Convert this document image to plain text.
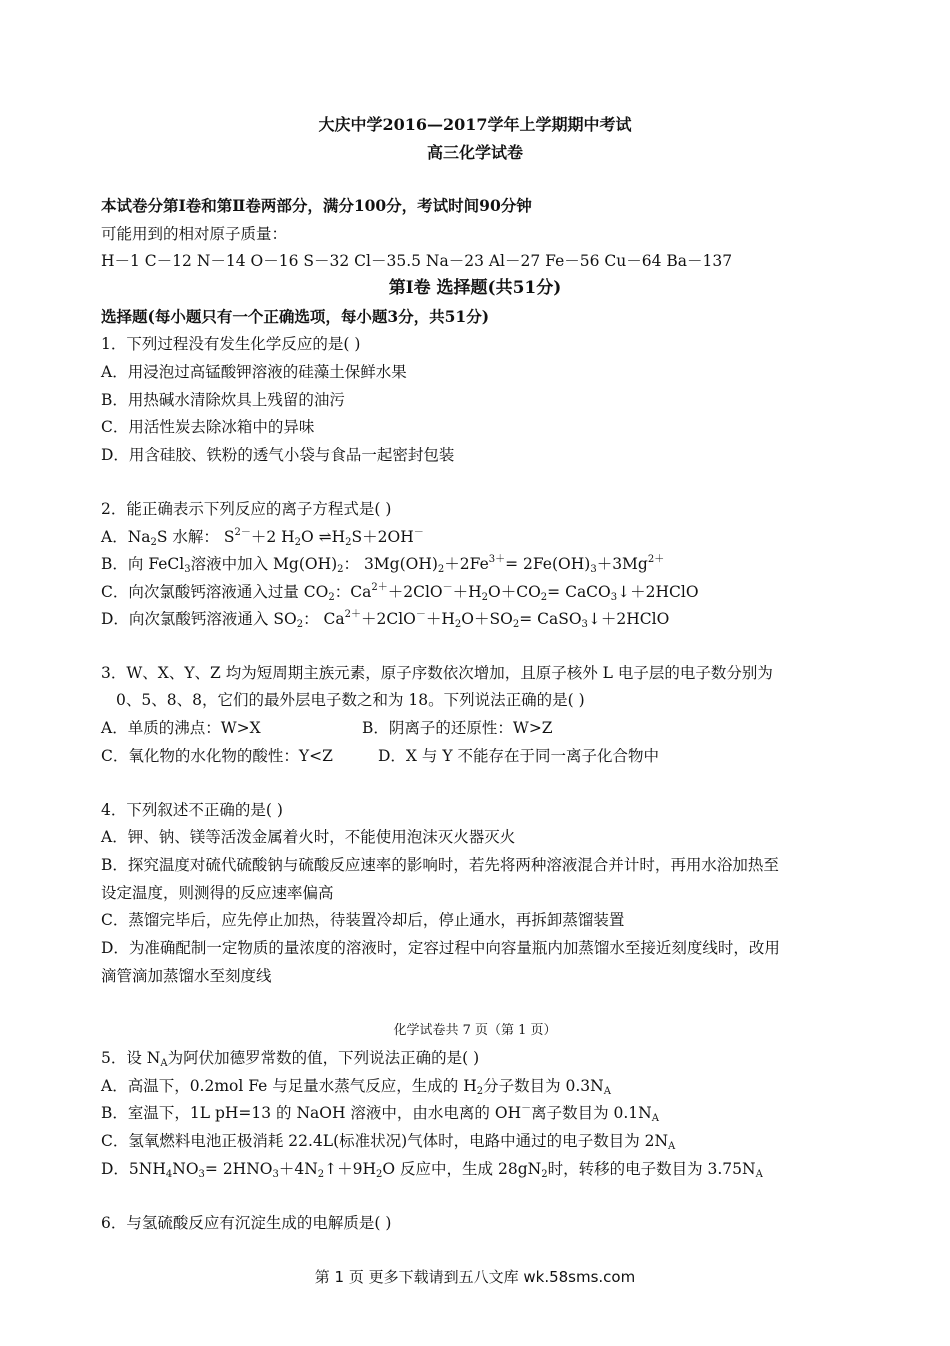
大庆中学2016—2017学年上学期期中考试
高三化学试卷
本试卷分第Ⅰ卷和第Ⅱ卷两部分，满分100分，考试时间90分钟
可能用到的相对原子质量：
H－1 C－12 N－14 O－16 S－32 Cl－35.5 Na－23 Al－27 Fe－56 Cu－64 Ba－137
第Ⅰ卷 选择题(共51分)
选择题(每小题只有一个正确选项，每小题3分，共51分)
1．下列过程没有发生化学反应的是( )
A．用浸泡过高锰酸钾溶液的硅藻土保鲜水果
B．用热碱水清除炊具上残留的油污
C．用活性炭去除冰箱中的异味
D．用含硅胶、铁粉的透气小袋与食品一起密封包装
2．能正确表示下列反应的离子方程式是( )
A．$Na_2S$ 水解： $S^{2-}+2$ $H_2O$ $\rightleftharpoons H_2S+2OH^-$
B．向 FeCl$_3$溶液中加入 $Mg(OH)_2$： $3Mg(OH)_2+2Fe^{3+}= 2Fe(OH)_3+3Mg^{2+}$
C．向次氯酸钙溶液通入过量 $CO_2$：$Ca^{2+}+2ClO^-+H_2O+CO_2=$ CaCO$_3$↓＋2HClO
D．向次氯酸钙溶液通入 $SO_2$： $Ca^{2+}+2ClO^-+H_2O+SO_2=$ CaSO$_3$↓＋2HClO
3．W、X、Y、Z 均为短周期主族元素，原子序数依次增加，且原子核外 L 电子层的电子数分别为
0、5、8、8，它们的最外层电子数之和为 18。下列说法正确的是( )
A．单质的沸点：W>X	B．阴离子的还原性：W>Z
C．氧化物的水化物的酸性：Y<Z	D．X 与 Y 不能存在于同一离子化合物中
4．下列叙述不正确的是( )
A．钾、钠、镁等活泼金属着火时，不能使用泡沫灭火器灭火
B．探究温度对硫代硫酸钠与硫酸反应速率的影响时，若先将两种溶液混合并计时，再用水浴加热至
设定温度，则测得的反应速率偏高
C．蒸馏完毕后，应先停止加热，待装置冷却后，停止通水，再拆卸蒸馏装置
D．为准确配制一定物质的量浓度的溶液时，定容过程中向容量瓶内加蒸馏水至接近刻度线时，改用
滴管滴加蒸馏水至刻度线
化学试卷共 7 页（第 1 页）
5．设 $N_A$为阿伏加德罗常数的值，下列说法正确的是( )
A．高温下，0.2mol Fe 与足量水蒸气反应，生成的 $H_2$分子数目为 $0.3N_A$
B．室温下，1L pH=13 的 NaOH 溶液中，由水电离的 OH－离子数目为 $0.1N_A$
C．氢氧燃料电池正极消耗 22.4L(标准状况)气体时，电路中通过的电子数目为 $2N_A$
D．$5NH_4NO_3=$ $2HNO_3+4N_2↑+9H_2O$ 反应中，生成 $28gN_2$时，转移的电子数目为 $3.75N_A$
6．与氢硫酸反应有沉淀生成的电解质是( )
第 1 页 更多下载请到五八文库 wk.58sms.com
